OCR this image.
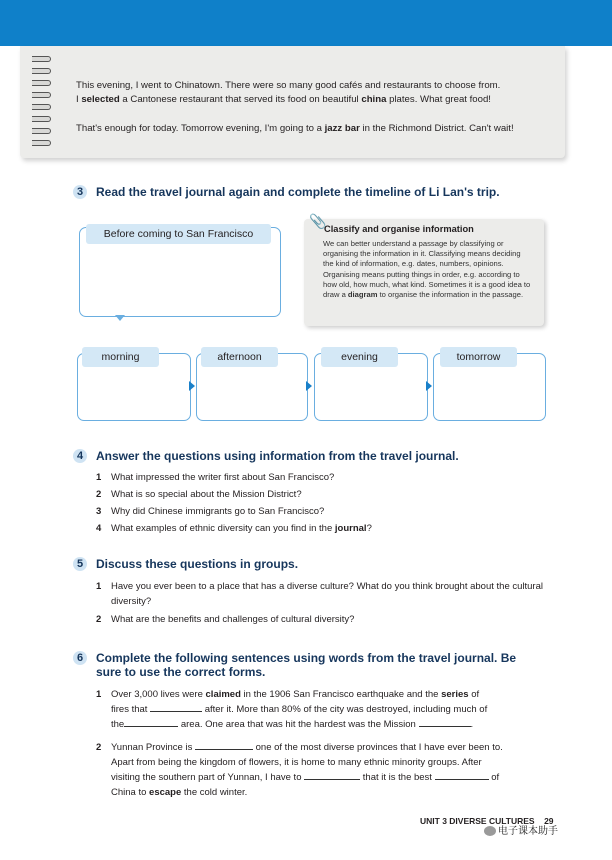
This evening, I went to Chinatown. There were so many good cafés and restaurants to choose from.
I selected a Cantonese restaurant that served its food on beautiful china plates. What great food!
That's enough for today. Tomorrow evening, I'm going to a jazz bar in the Richmond District. Can't wait!
3	Read the travel journal again and complete the timeline of Li Lan's trip.
Before coming to San Francisco
📎
Classify and organise information
We can better understand a passage by classifying or organising the information in it. Classifying means deciding the kind of information, e.g. dates, numbers, opinions. Organising means putting things in order, e.g. according to how old, how much, what kind. Sometimes it is a good idea to draw a diagram to organise the information in the passage.
morning	afternoon	evening	tomorrow
4	Answer the questions using information from the travel journal.
1 What impressed the writer first about San Francisco?
2 What is so special about the Mission District?
3 Why did Chinese immigrants go to San Francisco?
4 What examples of ethnic diversity can you find in the journal?
5	Discuss these questions in groups.
1 Have you ever been to a place that has a diverse culture? What do you think brought about the cultural diversity?
2 What are the benefits and challenges of cultural diversity?
6	Complete the following sentences using words from the travel journal. Be
sure to use the correct forms.
1 Over 3,000 lives were claimed in the 1906 San Francisco earthquake and the series of
fires that	after it. More than 80% of the city was destroyed, including much of
the	area. One area that was hit the hardest was the Mission	.
2 Yunnan Province is	one of the most diverse provinces that I have ever been to.
Apart from being the kingdom of flowers, it is home to many ethnic minority groups. After
visiting the southern part of Yunnan, I have to	that it is the best	of
China to escape the cold winter.
UNIT 3 DIVERSE CULTURES 29
电子课本助手
